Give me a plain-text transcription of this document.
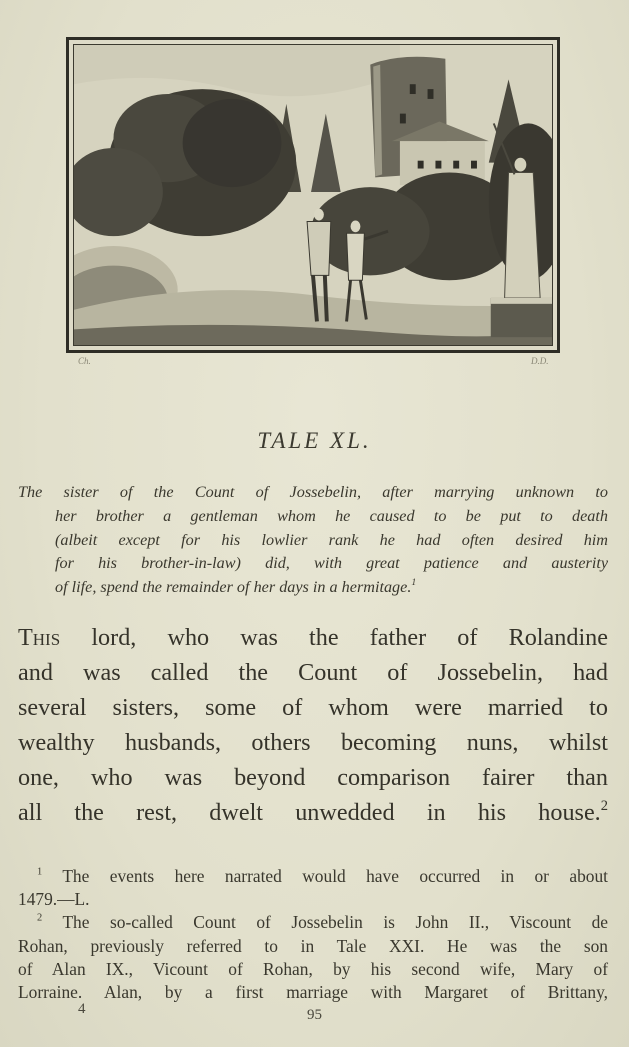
Ch.	D.D.
TALE XL.
The sister of the Count of Jossebelin, after marrying unknown to
her brother a gentleman whom he caused to be put to death
(albeit except for his lowlier rank he had often desired him
for his brother-in-law) did, with great patience and austerity
of life, spend the remainder of her days in a hermitage.$^1$
This lord, who was the father of Rolandine
and was called the Count of Jossebelin, had
several sisters, some of whom were married to
wealthy husbands, others becoming nuns, whilst
one, who was beyond comparison fairer than
all the rest, dwelt unwedded in his house.$^2$
$^1$ The events here narrated would have occurred in or about
1479.—L.
$^2$ The so-called Count of Jossebelin is John II., Viscount de
Rohan, previously referred to in Tale XXI. He was the son
of Alan IX., Vicount of Rohan, by his second wife, Mary of
Lorraine. Alan, by a first marriage with Margaret of Brittany,
4	95
